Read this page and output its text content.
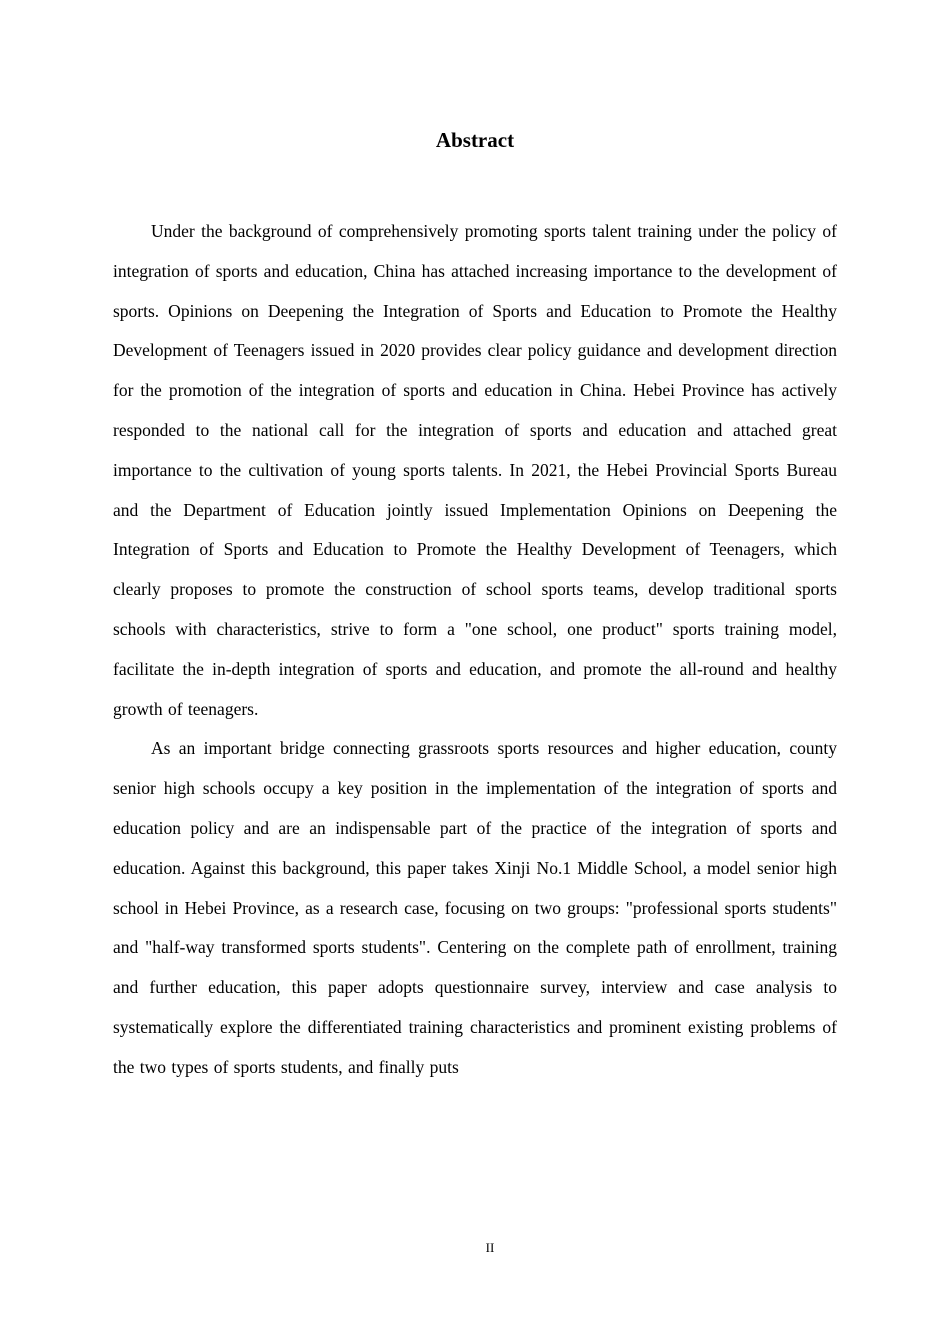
Abstract

Under the background of comprehensively promoting sports talent training under the policy of integration of sports and education, China has attached increasing importance to the development of sports. Opinions on Deepening the Integration of Sports and Education to Promote the Healthy Development of Teenagers issued in 2020 provides clear policy guidance and development direction for the promotion of the integration of sports and education in China. Hebei Province has actively responded to the national call for the integration of sports and education and attached great importance to the cultivation of young sports talents. In 2021, the Hebei Provincial Sports Bureau and the Department of Education jointly issued Implementation Opinions on Deepening the Integration of Sports and Education to Promote the Healthy Development of Teenagers, which clearly proposes to promote the construction of school sports teams, develop traditional sports schools with characteristics, strive to form a "one school, one product" sports training model, facilitate the in-depth integration of sports and education, and promote the all-round and healthy growth of teenagers.

As an important bridge connecting grassroots sports resources and higher education, county senior high schools occupy a key position in the implementation of the integration of sports and education policy and are an indispensable part of the practice of the integration of sports and education. Against this background, this paper takes Xinji No.1 Middle School, a model senior high school in Hebei Province, as a research case, focusing on two groups: "professional sports students" and "half-way transformed sports students". Centering on the complete path of enrollment, training and further education, this paper adopts questionnaire survey, interview and case analysis to systematically explore the differentiated training characteristics and prominent existing problems of the two types of sports students, and finally puts

II
